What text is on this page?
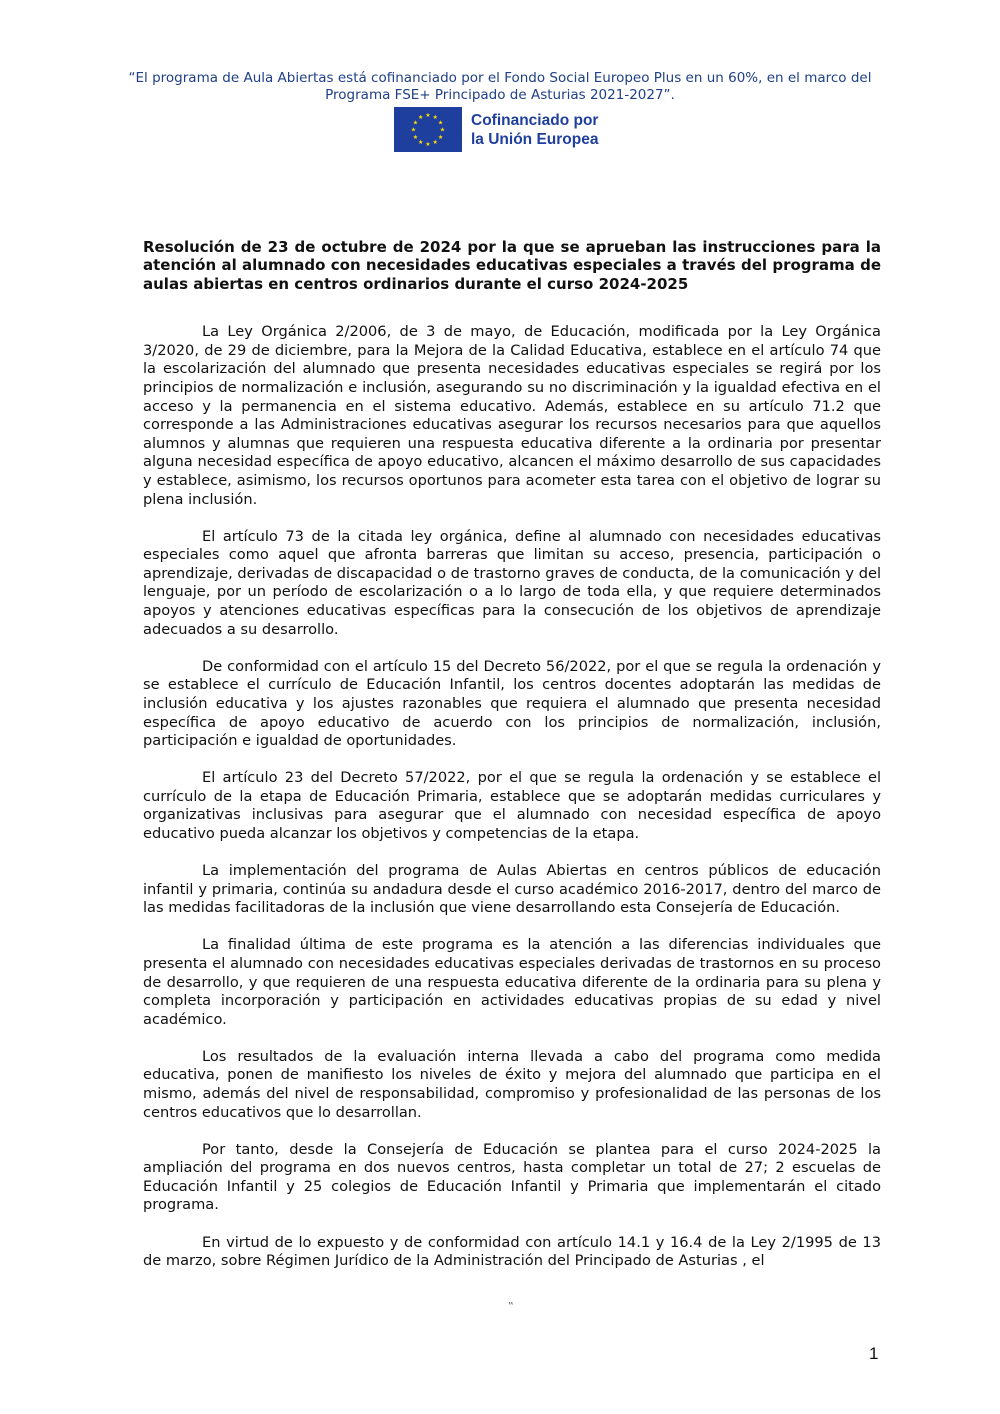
“El programa de Aula Abiertas está cofinanciado por el Fondo Social Europeo Plus en un 60%, en el marco del Programa FSE+ Principado de Asturias 2021-2027”.
★ ★
★
★
★
★
★
★
★
★
★
★	Cofinanciado por
la Unión Europea

Resolución de 23 de octubre de 2024 por la que se aprueban las instrucciones para la atención al alumnado con necesidades educativas especiales a través del programa de aulas abiertas en centros ordinarios durante el curso 2024-2025

La Ley Orgánica 2/2006, de 3 de mayo, de Educación, modificada por la Ley Orgánica 3/2020, de 29 de diciembre, para la Mejora de la Calidad Educativa, establece en el artículo 74 que la escolarización del alumnado que presenta necesidades educativas especiales se regirá por los principios de normalización e inclusión, asegurando su no discriminación y la igualdad efectiva en el acceso y la permanencia en el sistema educativo. Además, establece en su artículo 71.2 que corresponde a las Administraciones educativas asegurar los recursos necesarios para que aquellos alumnos y alumnas que requieren una respuesta educativa diferente a la ordinaria por presentar alguna necesidad específica de apoyo educativo, alcancen el máximo desarrollo de sus capacidades y establece, asimismo, los recursos oportunos para acometer esta tarea con el objetivo de lograr su plena inclusión.

El artículo 73 de la citada ley orgánica, define al alumnado con necesidades educativas especiales como aquel que afronta barreras que limitan su acceso, presencia, participación o aprendizaje, derivadas de discapacidad o de trastorno graves de conducta, de la comunicación y del lenguaje, por un período de escolarización o a lo largo de toda ella, y que requiere determinados apoyos y atenciones educativas específicas para la consecución de los objetivos de aprendizaje adecuados a su desarrollo.

De conformidad con el artículo 15 del Decreto 56/2022, por el que se regula la ordenación y se establece el currículo de Educación Infantil, los centros docentes adoptarán las medidas de inclusión educativa y los ajustes razonables que requiera el alumnado que presenta necesidad específica de apoyo educativo de acuerdo con los principios de normalización, inclusión, participación e igualdad de oportunidades.

El artículo 23 del Decreto 57/2022, por el que se regula la ordenación y se establece el currículo de la etapa de Educación Primaria, establece que se adoptarán medidas curriculares y organizativas inclusivas para asegurar que el alumnado con necesidad específica de apoyo educativo pueda alcanzar los objetivos y competencias de la etapa.

La implementación del programa de Aulas Abiertas en centros públicos de educación infantil y primaria, continúa su andadura desde el curso académico 2016-2017, dentro del marco de las medidas facilitadoras de la inclusión que viene desarrollando esta Consejería de Educación.

La finalidad última de este programa es la atención a las diferencias individuales que presenta el alumnado con necesidades educativas especiales derivadas de trastornos en su proceso de desarrollo, y que requieren de una respuesta educativa diferente de la ordinaria para su plena y completa incorporación y participación en actividades educativas propias de su edad y nivel académico.

Los resultados de la evaluación interna llevada a cabo del programa como medida educativa, ponen de manifiesto los niveles de éxito y mejora del alumnado que participa en el mismo, además del nivel de responsabilidad, compromiso y profesionalidad de las personas de los centros educativos que lo desarrollan.

Por tanto, desde la Consejería de Educación se plantea para el curso 2024-2025 la ampliación del programa en dos nuevos centros, hasta completar un total de 27; 2 escuelas de Educación Infantil y 25 colegios de Educación Infantil y Primaria que implementarán el citado programa.

En virtud de lo expuesto y de conformidad con artículo 14.1 y 16.4 de la Ley 2/1995 de 13 de marzo, sobre Régimen Jurídico de la Administración del Principado de Asturias , el

‟
1
